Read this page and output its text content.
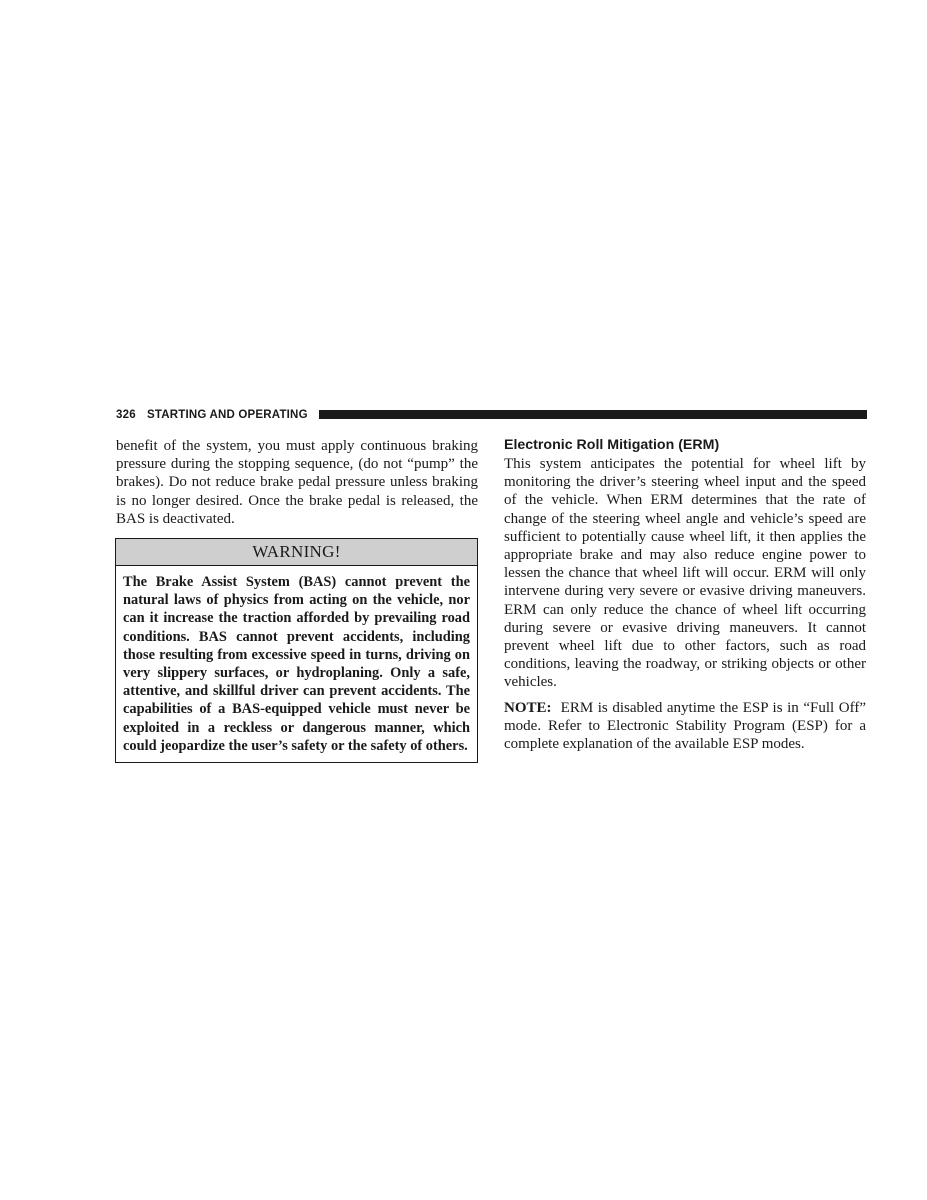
326 STARTING AND OPERATING

benefit of the system, you must apply continuous braking pressure during the stopping sequence, (do not “pump” the brakes). Do not reduce brake pedal pressure unless braking is no longer desired. Once the brake pedal is released, the BAS is deactivated.

WARNING!
The Brake Assist System (BAS) cannot prevent the natural laws of physics from acting on the vehicle, nor can it increase the traction afforded by prevailing road conditions. BAS cannot prevent accidents, including those resulting from excessive speed in turns, driving on very slippery surfaces, or hydroplaning. Only a safe, attentive, and skillful driver can prevent accidents. The capabilities of a BAS-equipped vehicle must never be exploited in a reckless or dangerous manner, which could jeopardize the user’s safety or the safety of others.
Electronic Roll Mitigation (ERM)

This system anticipates the potential for wheel lift by monitoring the driver’s steering wheel input and the speed of the vehicle. When ERM determines that the rate of change of the steering wheel angle and vehicle’s speed are sufficient to potentially cause wheel lift, it then applies the appropriate brake and may also reduce engine power to lessen the chance that wheel lift will occur. ERM will only intervene during very severe or evasive driving maneuvers. ERM can only reduce the chance of wheel lift occurring during severe or evasive driving maneuvers. It cannot prevent wheel lift due to other factors, such as road conditions, leaving the roadway, or striking objects or other vehicles.

NOTE: ERM is disabled anytime the ESP is in “Full Off” mode. Refer to Electronic Stability Program (ESP) for a complete explanation of the available ESP modes.
